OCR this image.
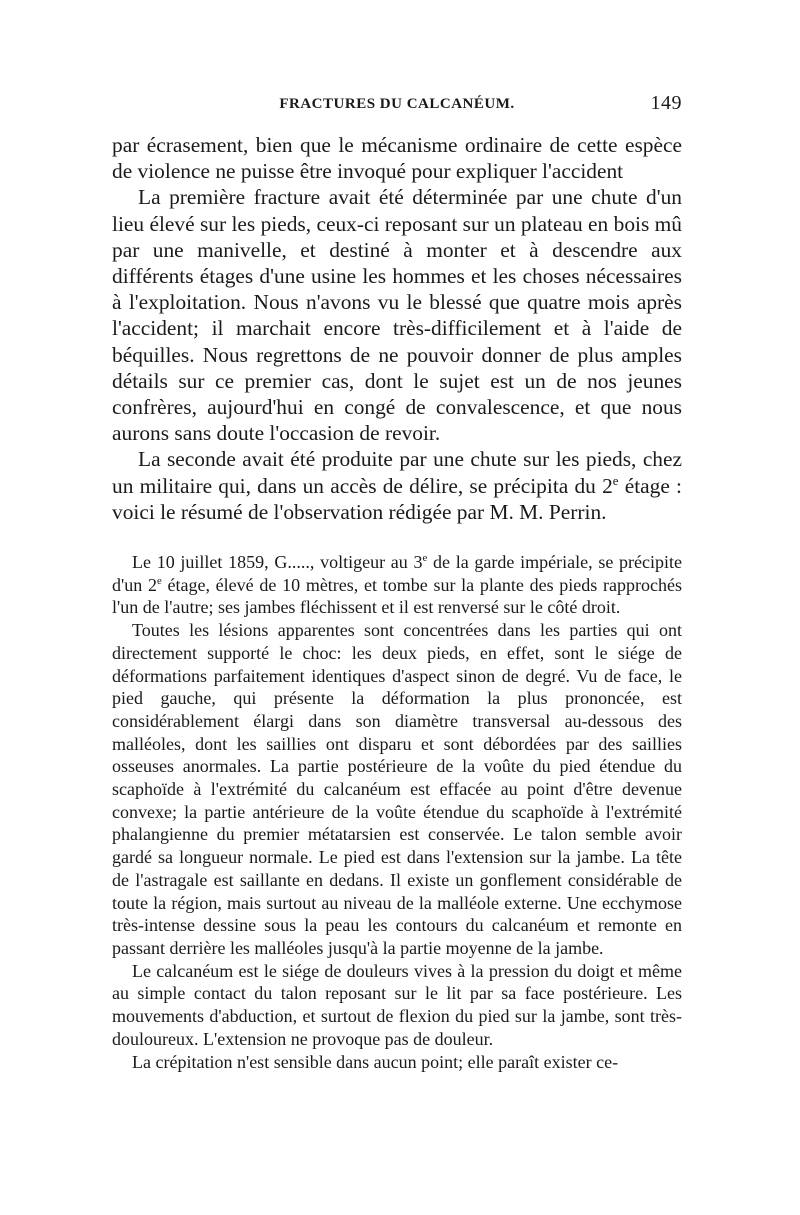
FRACTURES DU CALCANÉUM.	149

par écrasement, bien que le mécanisme ordinaire de cette espèce de violence ne puisse être invoqué pour expliquer l'accident

La première fracture avait été déterminée par une chute d'un lieu élevé sur les pieds, ceux-ci reposant sur un plateau en bois mû par une manivelle, et destiné à monter et à descendre aux différents étages d'une usine les hommes et les choses nécessaires à l'exploitation. Nous n'avons vu le blessé que quatre mois après l'accident; il marchait encore très-difficilement et à l'aide de béquilles. Nous regrettons de ne pouvoir donner de plus amples détails sur ce premier cas, dont le sujet est un de nos jeunes confrères, aujourd'hui en congé de convalescence, et que nous aurons sans doute l'occasion de revoir.

La seconde avait été produite par une chute sur les pieds, chez un militaire qui, dans un accès de délire, se précipita du 2e étage : voici le résumé de l'observation rédigée par M. M. Perrin.

Le 10 juillet 1859, G....., voltigeur au 3e de la garde impériale, se précipite d'un 2e étage, élevé de 10 mètres, et tombe sur la plante des pieds rapprochés l'un de l'autre; ses jambes fléchissent et il est renversé sur le côté droit.

Toutes les lésions apparentes sont concentrées dans les parties qui ont directement supporté le choc: les deux pieds, en effet, sont le siége de déformations parfaitement identiques d'aspect sinon de degré. Vu de face, le pied gauche, qui présente la déformation la plus prononcée, est considérablement élargi dans son diamètre transversal au-dessous des malléoles, dont les saillies ont disparu et sont débordées par des saillies osseuses anormales. La partie postérieure de la voûte du pied étendue du scaphoïde à l'extrémité du calcanéum est effacée au point d'être devenue convexe; la partie antérieure de la voûte étendue du scaphoïde à l'extrémité phalangienne du premier métatarsien est conservée. Le talon semble avoir gardé sa longueur normale. Le pied est dans l'extension sur la jambe. La tête de l'astragale est saillante en dedans. Il existe un gonflement considérable de toute la région, mais surtout au niveau de la malléole externe. Une ecchymose très-intense dessine sous la peau les contours du calcanéum et remonte en passant derrière les malléoles jusqu'à la partie moyenne de la jambe.

Le calcanéum est le siége de douleurs vives à la pression du doigt et même au simple contact du talon reposant sur le lit par sa face postérieure. Les mouvements d'abduction, et surtout de flexion du pied sur la jambe, sont très-douloureux. L'extension ne provoque pas de douleur.

La crépitation n'est sensible dans aucun point; elle paraît exister ce-
